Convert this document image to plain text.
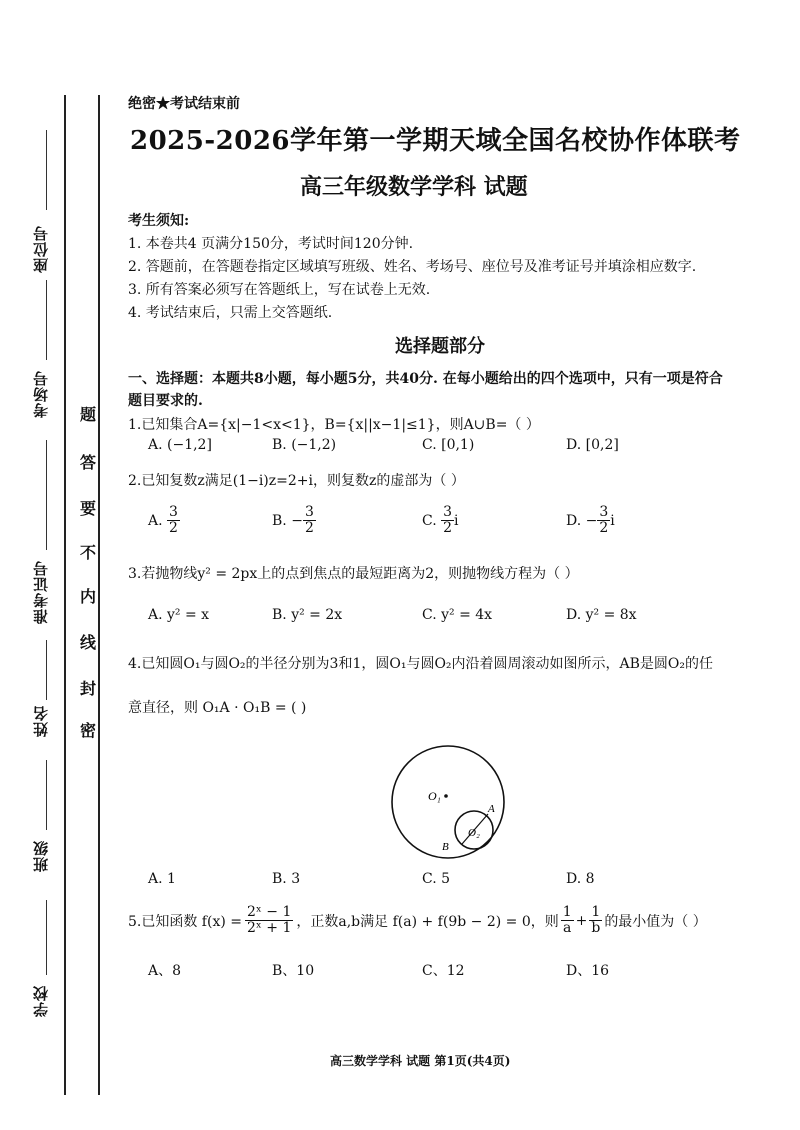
座位号
考场号
准考证号
姓名
班级
学校
题
答
要
不
内
线
封
密
绝密★考试结束前
2025-2026学年第一学期天域全国名校协作体联考
高三年级数学学科 试题
考生须知:
1. 本卷共4 页满分150分，考试时间120分钟.
2. 答题前，在答题卷指定区域填写班级、姓名、考场号、座位号及准考证号并填涂相应数字.
3. 所有答案必须写在答题纸上，写在试卷上无效.
4. 考试结束后，只需上交答题纸.
选择题部分
一、选择题：本题共8小题，每小题5分，共40分. 在每小题给出的四个选项中，只有一项是符合
题目要求的.
1.已知集合A={x|−1<x<1}，B={x||x−1|≤1}，则A∪B=（ ）
A. (−1,2]	B. (−1,2)	C. [0,1)	D. [0,2]
2.已知复数z满足(1−i)z=2+i，则复数z的虚部为（ ）
A. $\frac{3}{2}$	B. − $\frac{3}{2}$	C. $\frac{3}{2}$ i	D. − $\frac{3}{2}$ i
3.若抛物线y² = 2px上的点到焦点的最短距离为2，则抛物线方程为（ ）
A. y² = x	B. y² = 2x	C. y² = 4x	D. y² = 8x
4.已知圆O₁与圆O₂的半径分别为3和1，圆O₁与圆O₂内沿着圆周滚动如图所示，AB是圆O₂的任
意直径，则 O₁A · O₁B = ( )
O₁
O₂
A
B
A. 1	B. 3	C. 5	D. 8
5.已知函数 $f(x) = \frac{\text{2ˣ − 1}}{\text{2ˣ + 1}}$ ，正数a,b满足 f(a) + f(9b − 2) = 0，则 $\frac{1}{a} + \frac{1}{b}$ 的最小值为（ ）
A、8	B、10	C、12	D、16
高三数学学科 试题 第1页(共4页)
